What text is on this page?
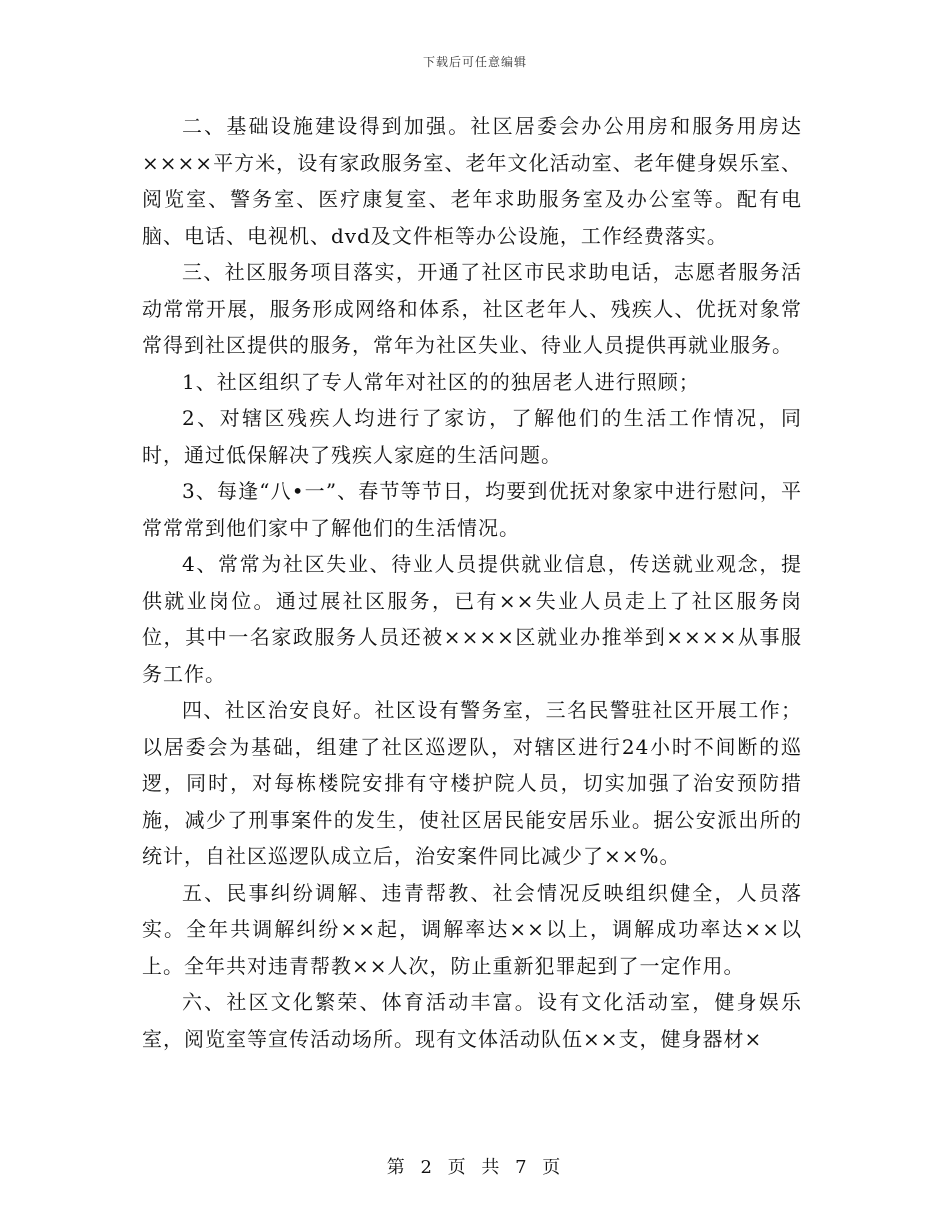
下载后可任意编辑

二、基础设施建设得到加强。社区居委会办公用房和服务用房达××××平方米，设有家政服务室、老年文化活动室、老年健身娱乐室、阅览室、警务室、医疗康复室、老年求助服务室及办公室等。配有电脑、电话、电视机、dvd及文件柜等办公设施，工作经费落实。

三、社区服务项目落实，开通了社区市民求助电话，志愿者服务活动常常开展，服务形成网络和体系，社区老年人、残疾人、优抚对象常常得到社区提供的服务，常年为社区失业、待业人员提供再就业服务。

1、社区组织了专人常年对社区的的独居老人进行照顾；

2、对辖区残疾人均进行了家访，了解他们的生活工作情况，同时，通过低保解决了残疾人家庭的生活问题。

3、每逢“八•一”、春节等节日，均要到优抚对象家中进行慰问，平常常常到他们家中了解他们的生活情况。

4、常常为社区失业、待业人员提供就业信息，传送就业观念，提供就业岗位。通过展社区服务，已有××失业人员走上了社区服务岗位，其中一名家政服务人员还被××××区就业办推举到××××从事服务工作。

四、社区治安良好。社区设有警务室，三名民警驻社区开展工作；以居委会为基础，组建了社区巡逻队，对辖区进行24小时不间断的巡逻，同时，对每栋楼院安排有守楼护院人员，切实加强了治安预防措施，减少了刑事案件的发生，使社区居民能安居乐业。据公安派出所的统计，自社区巡逻队成立后，治安案件同比减少了××%。

五、民事纠纷调解、违青帮教、社会情况反映组织健全，人员落实。全年共调解纠纷××起，调解率达××以上，调解成功率达××以上。全年共对违青帮教××人次，防止重新犯罪起到了一定作用。

六、社区文化繁荣、体育活动丰富。设有文化活动室，健身娱乐室，阅览室等宣传活动场所。现有文体活动队伍××支，健身器材×

第 2 页 共 7 页
